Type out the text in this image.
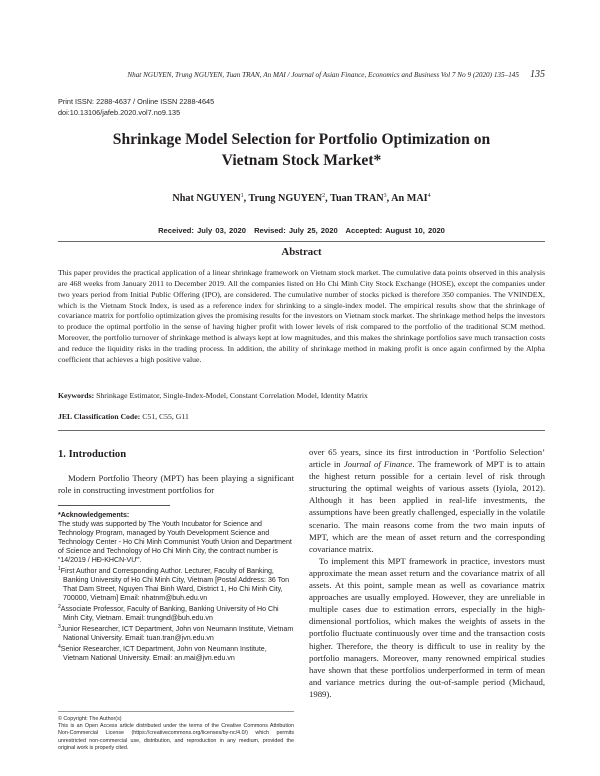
Nhat NGUYEN, Trung NGUYEN, Tuan TRAN, An MAI / Journal of Asian Finance, Economics and Business Vol 7 No 9 (2020) 135–145 135
Print ISSN: 2288-4637 / Online ISSN 2288-4645
doi:10.13106/jafeb.2020.vol7.no9.135
Shrinkage Model Selection for Portfolio Optimization on
Vietnam Stock Market*
Nhat NGUYEN$^1$, Trung NGUYEN$^2$, Tuan TRAN$^3$, An MAI$^4$
Received: July 03, 2020 Revised: July 25, 2020 Accepted: August 10, 2020
Abstract
This paper provides the practical application of a linear shrinkage framework on Vietnam stock market. The cumulative data points observed in this analysis are 468 weeks from January 2011 to December 2019. All the companies listed on Ho Chi Minh City Stock Exchange (HOSE), except the companies under two years period from Initial Public Offering (IPO), are considered. The cumulative number of stocks picked is therefore 350 companies. The VNINDEX, which is the Vietnam Stock Index, is used as a reference index for shrinking to a single-index model. The empirical results show that the shrinkage of covariance matrix for portfolio optimization gives the promising results for the investors on Vietnam stock market. The shrinkage method helps the investors to produce the optimal portfolio in the sense of having higher profit with lower levels of risk compared to the portfolio of the traditional SCM method. Moreover, the portfolio turnover of shrinkage method is always kept at low magnitudes, and this makes the shrinkage portfolios save much transaction costs and reduce the liquidity risks in the trading process. In addition, the ability of shrinkage method in making profit is once again confirmed by the Alpha coefficient that achieves a high positive value.
Keywords: Shrinkage Estimator, Single-Index-Model, Constant Correlation Model, Identity Matrix
JEL Classification Code: C51, C55, G11
1. Introduction
Modern Portfolio Theory (MPT) has been playing a significant role in constructing investment portfolios for
*Acknowledgements:

The study was supported by The Youth Incubator for Science and Technology Program, managed by Youth Development Science and Technology Center - Ho Chi Minh Communist Youth Union and Department of Science and Technology of Ho Chi Minh City, the contract number is “14/2019 / HĐ-KHCN-VƯ”.

$^1$First Author and Corresponding Author. Lecturer, Faculty of Banking, Banking University of Ho Chi Minh City, Vietnam [Postal Address: 36 Ton That Dam Street, Nguyen Thai Binh Ward, District 1, Ho Chi Minh City, 700000, Vietnam] Email: nhatnm@buh.edu.vn

$^2$Associate Professor, Faculty of Banking, Banking University of Ho Chi Minh City, Vietnam. Email: trungnd@buh.edu.vn

$^3$Junior Researcher, ICT Department, John von Neumann Institute, Vietnam National University. Email: tuan.tran@jvn.edu.vn

$^4$Senior Researcher, ICT Department, John von Neumann Institute, Vietnam National University. Email: an.mai@jvn.edu.vn

© Copyright: The Author(s)
This is an Open Access article distributed under the terms of the Creative Commons Attribution Non-Commercial License (https://creativecommons.org/licenses/by-nc/4.0/) which permits unrestricted non-commercial use, distribution, and reproduction in any medium, provided the original work is properly cited.

over 65 years, since its first introduction in ‘Portfolio Selection’ article in Journal of Finance. The framework of MPT is to attain the highest return possible for a certain level of risk through structuring the optimal weights of various assets (Iyiola, 2012). Although it has been applied in real-life investments, the assumptions have been greatly challenged, especially in the volatile scenario. The main reasons come from the two main inputs of MPT, which are the mean of asset return and the corresponding covariance matrix.

To implement this MPT framework in practice, investors must approximate the mean asset return and the covariance matrix of all assets. At this point, sample mean as well as covariance matrix approaches are usually employed. However, they are unreliable in multiple cases due to estimation errors, especially in the high-dimensional portfolios, which makes the weights of assets in the portfolio fluctuate continuously over time and the transaction costs higher. Therefore, the theory is difficult to use in reality by the portfolio managers. Moreover, many renowned empirical studies have shown that these portfolios underperformed in term of mean and variance metrics during the out-of-sample period (Michaud, 1989).
